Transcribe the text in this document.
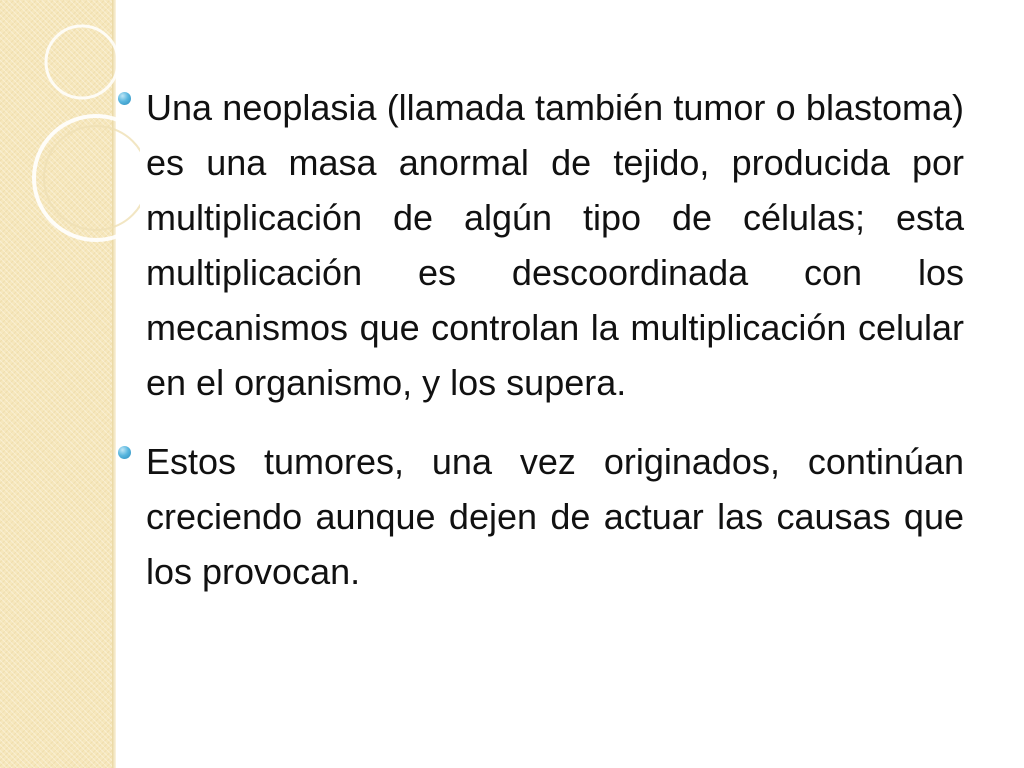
Una neoplasia (llamada también tumor o blastoma) es una masa anormal de tejido, producida por multiplicación de algún tipo de células; esta multiplicación es descoordinada con los mecanismos que controlan la multiplicación celular en el organismo, y los supera.

Estos tumores, una vez originados, continúan creciendo aunque dejen de actuar las causas que los provocan.
